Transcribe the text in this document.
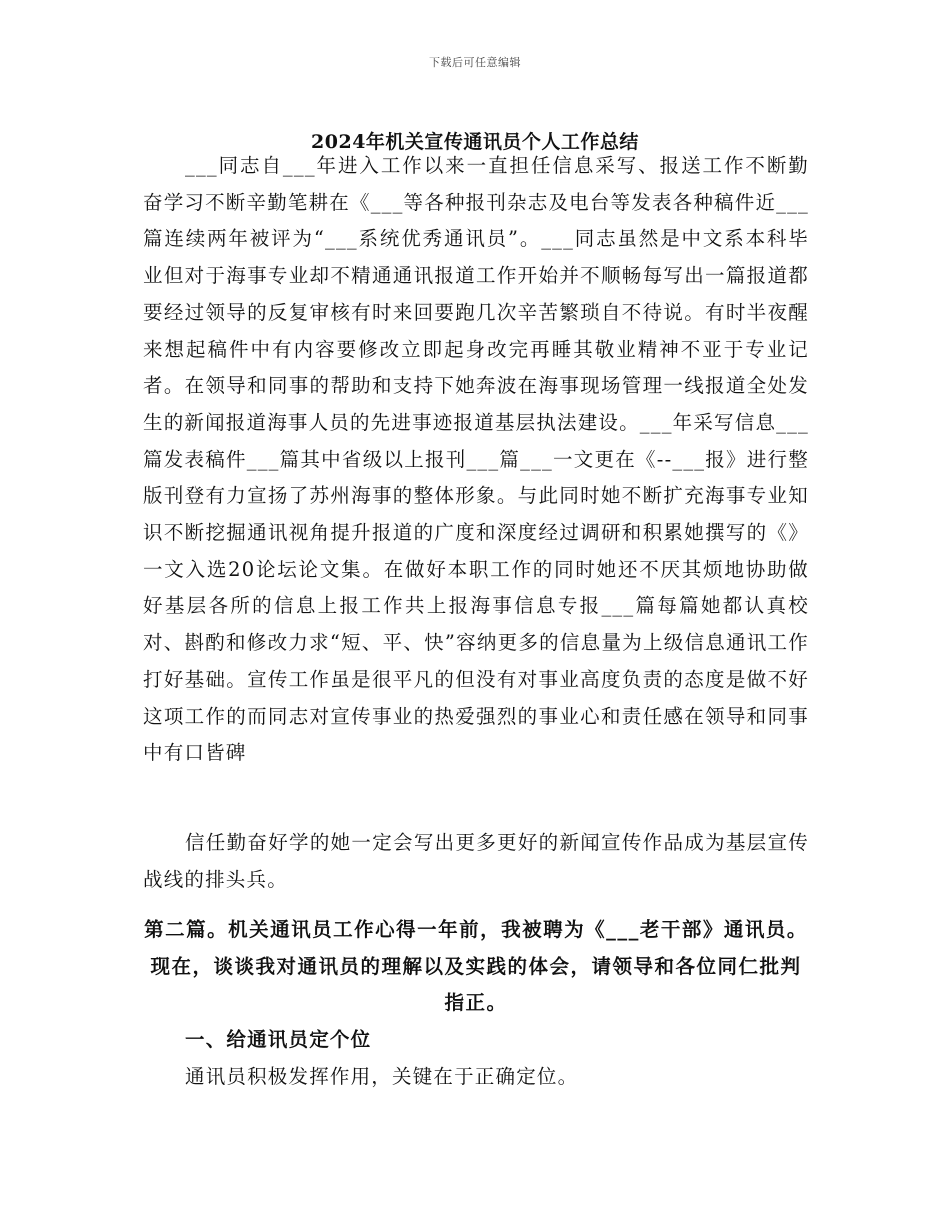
下载后可任意编辑
2024年机关宣传通讯员个人工作总结
___同志自___年进入工作以来一直担任信息采写、报送工作不断勤奋学习不断辛勤笔耕在《___等各种报刊杂志及电台等发表各种稿件近___篇连续两年被评为“___系统优秀通讯员”。___同志虽然是中文系本科毕业但对于海事专业却不精通通讯报道工作开始并不顺畅每写出一篇报道都要经过领导的反复审核有时来回要跑几次辛苦繁琐自不待说。有时半夜醒来想起稿件中有内容要修改立即起身改完再睡其敬业精神不亚于专业记者。在领导和同事的帮助和支持下她奔波在海事现场管理一线报道全处发生的新闻报道海事人员的先进事迹报道基层执法建设。___年采写信息___篇发表稿件___篇其中省级以上报刊___篇___一文更在《--___报》进行整版刊登有力宣扬了苏州海事的整体形象。与此同时她不断扩充海事专业知识不断挖掘通讯视角提升报道的广度和深度经过调研和积累她撰写的《》一文入选20论坛论文集。在做好本职工作的同时她还不厌其烦地协助做好基层各所的信息上报工作共上报海事信息专报___篇每篇她都认真校对、斟酌和修改力求“短、平、快”容纳更多的信息量为上级信息通讯工作打好基础。宣传工作虽是很平凡的但没有对事业高度负责的态度是做不好这项工作的而同志对宣传事业的热爱强烈的事业心和责任感在领导和同事中有口皆碑
信任勤奋好学的她一定会写出更多更好的新闻宣传作品成为基层宣传战线的排头兵。
第二篇。机关通讯员工作心得一年前，我被聘为《___老干部》通讯员。现在，谈谈我对通讯员的理解以及实践的体会，请领导和各位同仁批判指正。
一、给通讯员定个位
通讯员积极发挥作用，关键在于正确定位。
